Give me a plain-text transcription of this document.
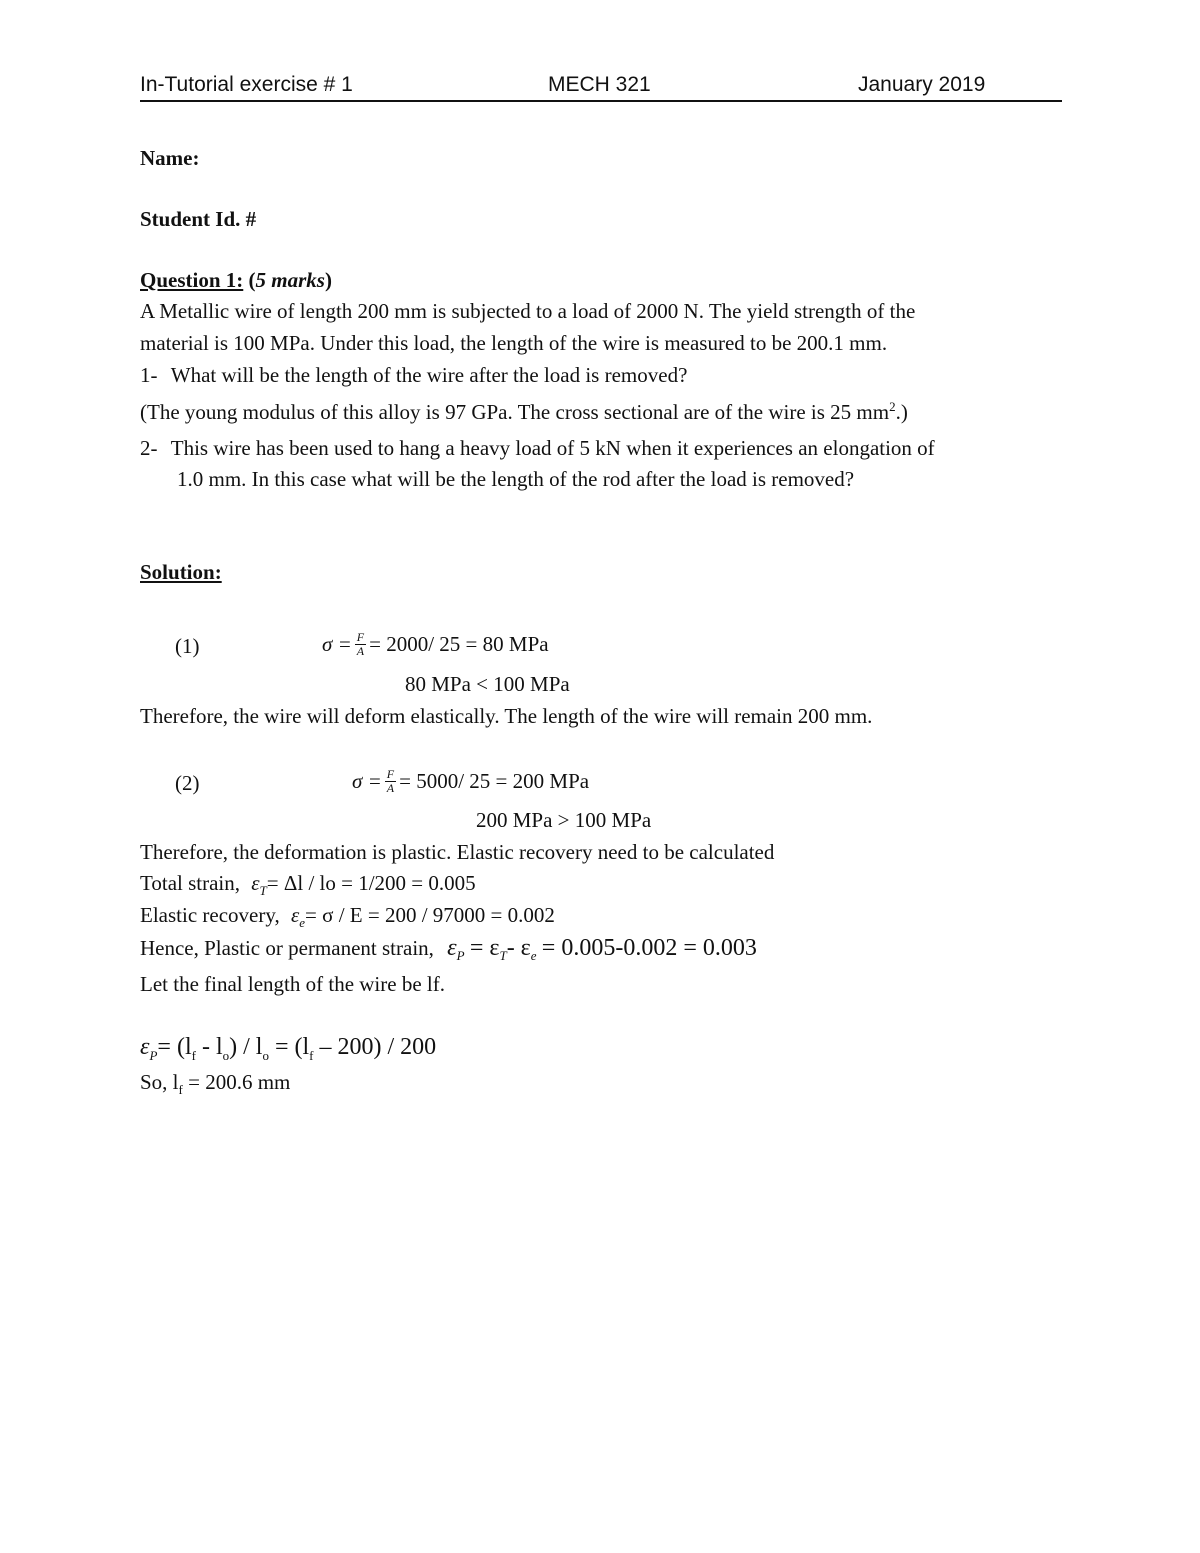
In-Tutorial exercise # 1	MECH 321	January 2019
Name:
Student Id. #
Question 1: (5 marks)
A Metallic wire of length 200 mm is subjected to a load of 2000 N. The yield strength of the
material is 100 MPa. Under this load, the length of the wire is measured to be 200.1 mm.
1- What will be the length of the wire after the load is removed?
(The young modulus of this alloy is 97 GPa. The cross sectional are of the wire is 25 $mm^2$.)
2- This wire has been used to hang a heavy load of 5 kN when it experiences an elongation of
1.0 mm. In this case what will be the length of the rod after the load is removed?
Solution:
(1)	$\sigma = \frac{F}{A} = 2000/$ 25 = 80 MPa
80 MPa < 100 MPa
Therefore, the wire will deform elastically. The length of the wire will remain 200 mm.
(2)	$\sigma = \frac{F}{A} = 5000/$ 25 = 200 MPa
200 MPa > 100 MPa
Therefore, the deformation is plastic. Elastic recovery need to be calculated
Total strain, $\varepsilon_T= \Delta l$ / lo = 1/200 = 0.005
Elastic recovery, $\varepsilon_e= \sigma / E = 200 / 97000 = 0.002$
Hence, Plastic or permanent strain, $\varepsilon_P = \varepsilon_T-$ $\varepsilon_e = 0.005-0.002 = 0.003$
Let the final length of the wire be lf.
$\varepsilon_P= (l_f - l_o) / l_o = (l_f - 200) / 200$
So, $l_f = 200.6$ mm
